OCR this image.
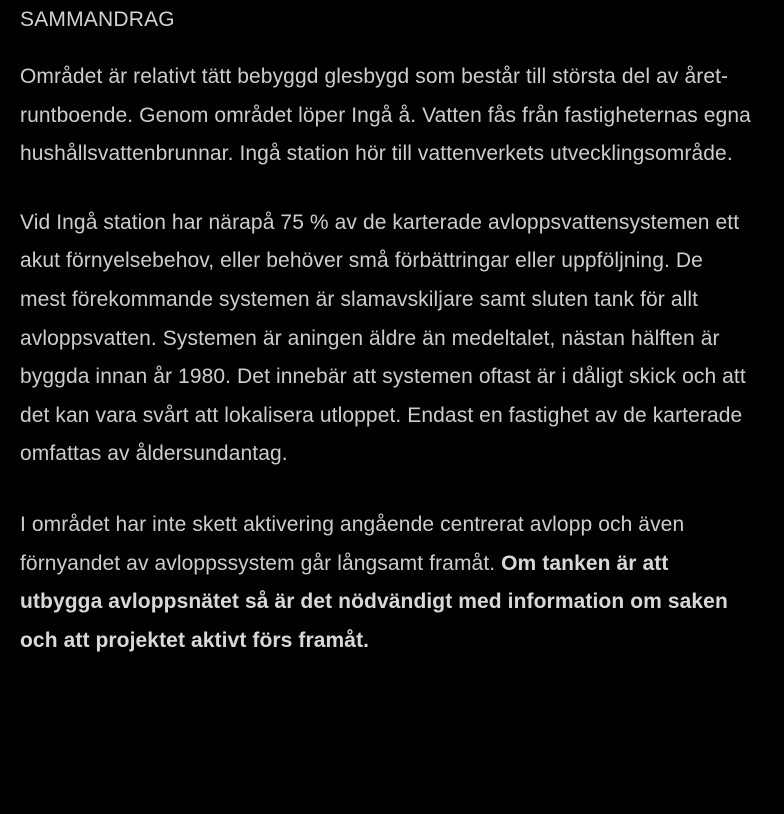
SAMMANDRAG

Området är relativt tätt bebyggd glesbygd som består till största del av åretruntboende. Genom området löper Ingå å. Vatten fås från fastigheternas egna hushållsvattenbrunnar. Ingå station hör till vattenverkets utvecklingsområde.

Vid Ingå station har närapå 75 % av de karterade avloppsvattensystemen ett akut förnyelsebehov, eller behöver små förbättringar eller uppföljning. De mest förekommande systemen är slamavskiljare samt sluten tank för allt avloppsvatten. Systemen är aningen äldre än medeltalet, nästan hälften är byggda innan år 1980. Det innebär att systemen oftast är i dåligt skick och att det kan vara svårt att lokalisera utloppet. Endast en fastighet av de karterade omfattas av åldersundantag.

I området har inte skett aktivering angående centrerat avlopp och även förnyandet av avloppssystem går långsamt framåt. Om tanken är att utbygga avloppsnätet så är det nödvändigt med information om saken och att projektet aktivt förs framåt.
